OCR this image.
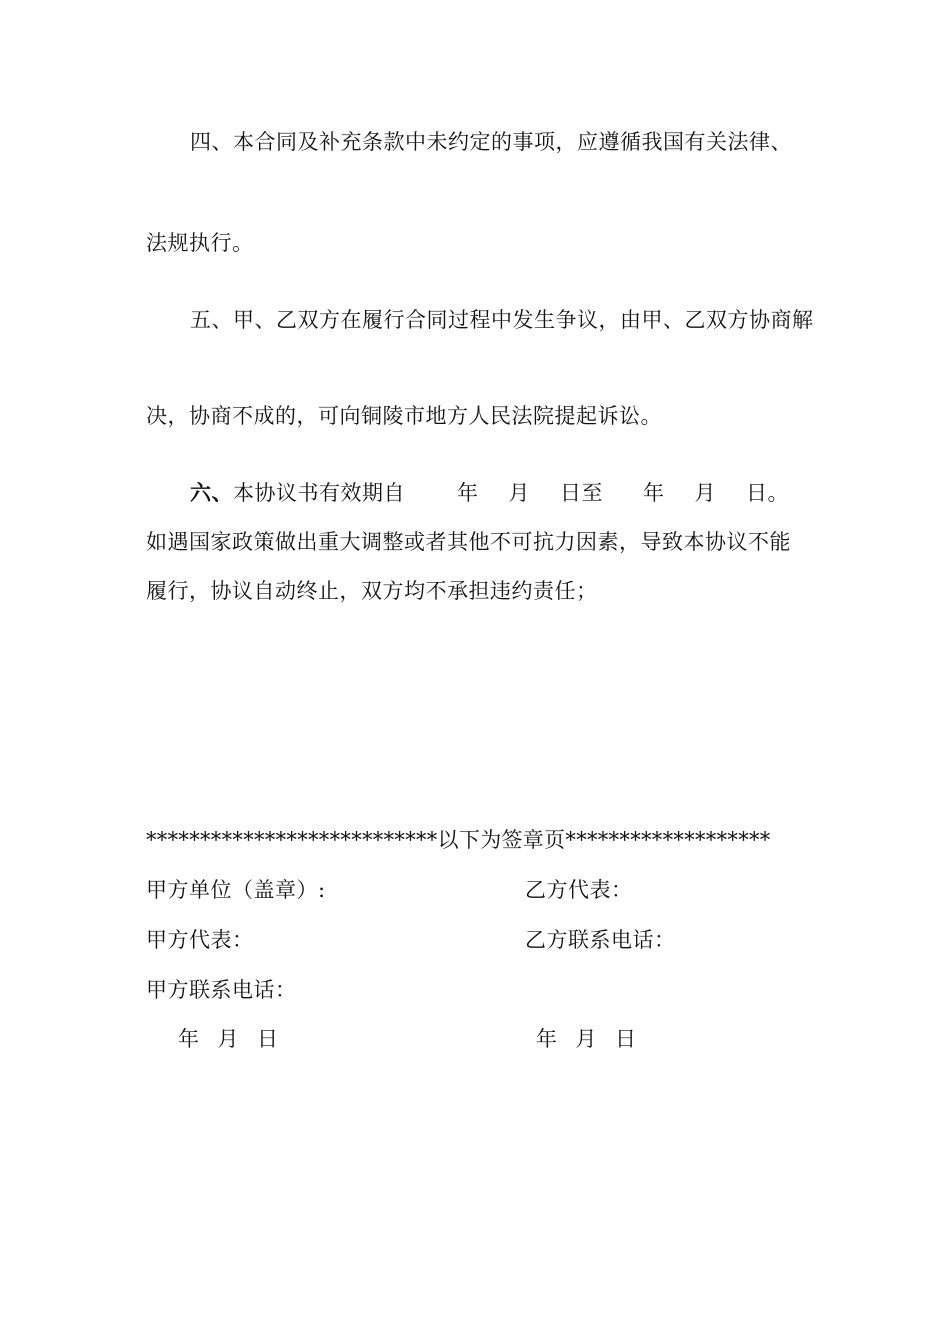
四、本合同及补充条款中未约定的事项，应遵循我国有关法律、
法规执行。
五、甲、乙双方在履行合同过程中发生争议，由甲、乙双方协商解
决，协商不成的，可向铜陵市地方人民法院提起诉讼。
六、本协议书有效期自 年 月 日至 年 月 日。
如遇国家政策做出重大调整或者其他不可抗力因素，导致本协议不能
履行，协议自动终止，双方均不承担违约责任；
***************************以下为签章页*******************
甲方单位（盖章）:	乙方代表：
甲方代表：	乙方联系电话：
甲方联系电话：
年 月 日	年 月 日
